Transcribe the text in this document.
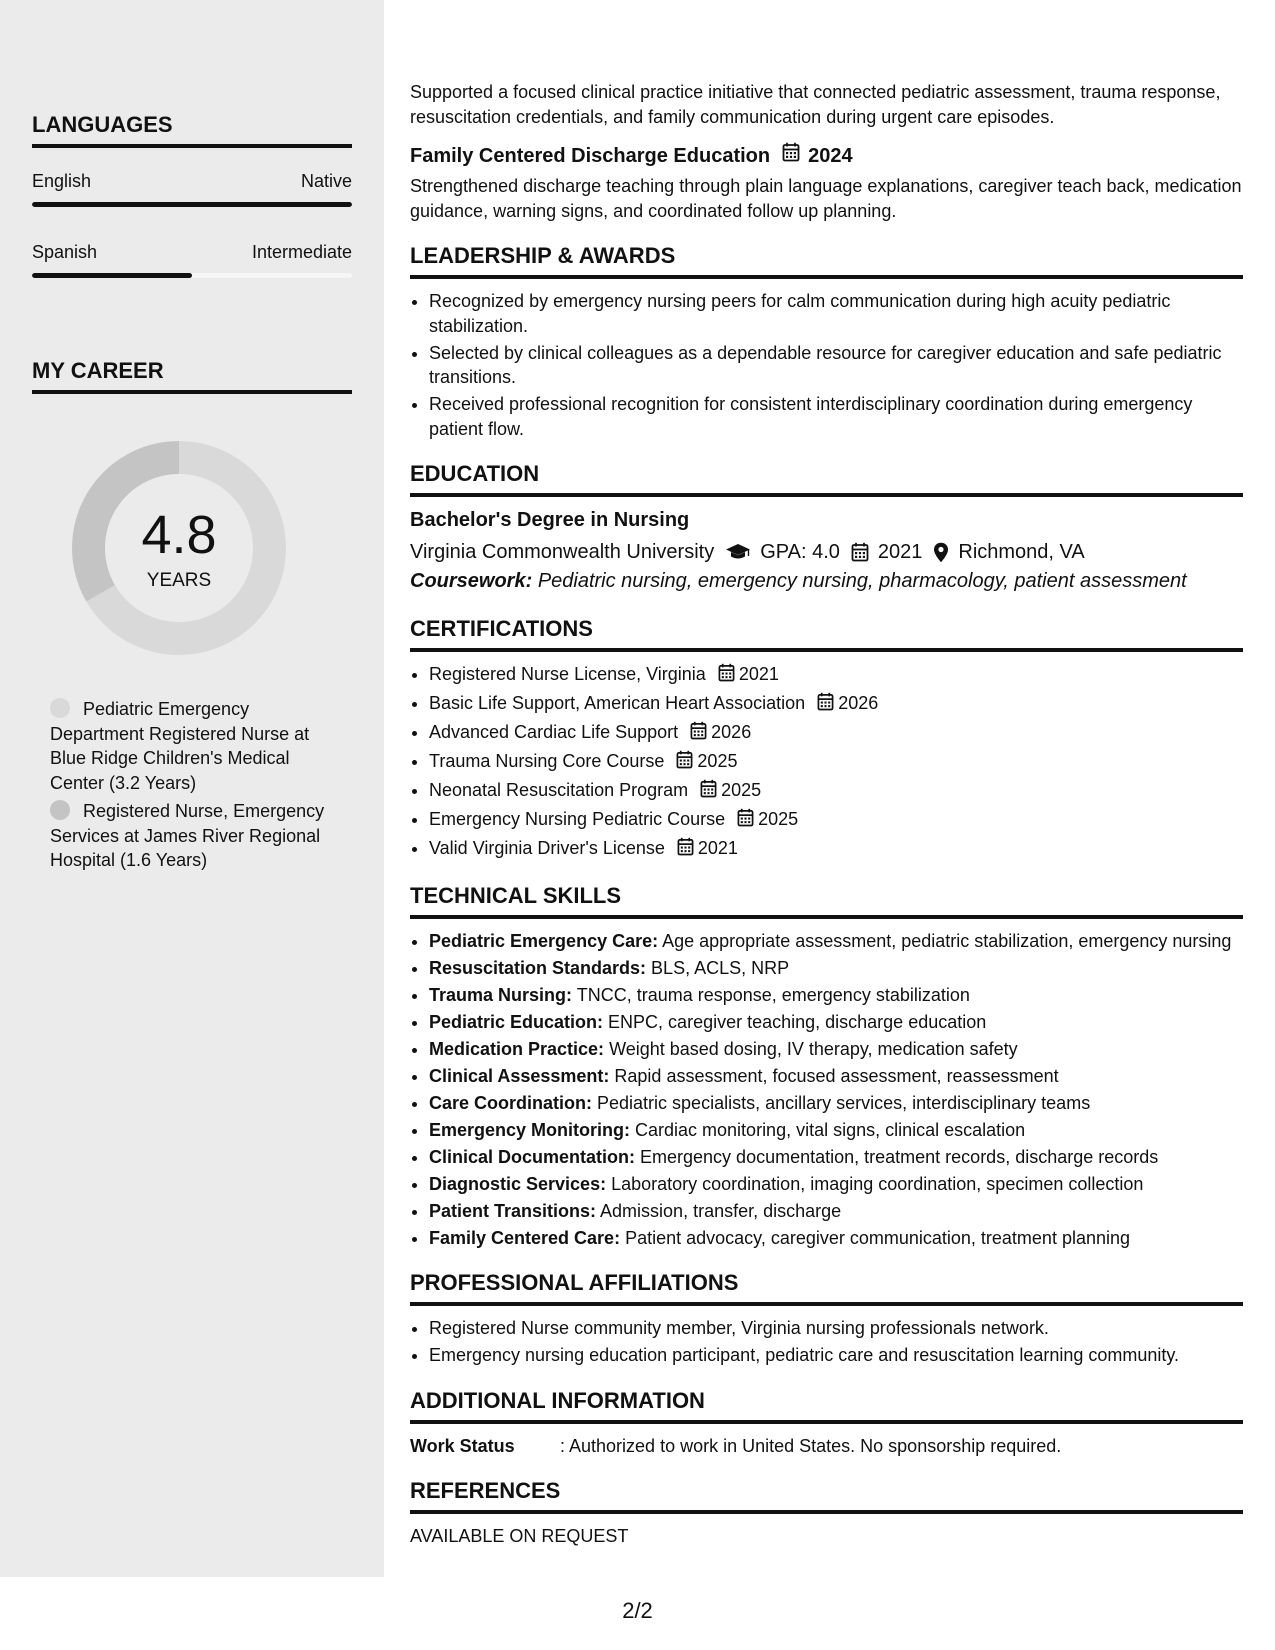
LANGUAGES
English	Native
Spanish	Intermediate
MY CAREER
4.8
YEARS
Pediatric Emergency Department Registered Nurse at Blue Ridge Children's Medical Center (3.2 Years)
Registered Nurse, Emergency Services at James River Regional Hospital (1.6 Years)

Supported a focused clinical practice initiative that connected pediatric assessment, trauma response, resuscitation credentials, and family communication during urgent care episodes.

Family Centered Discharge Education 2024

Strengthened discharge teaching through plain language explanations, caregiver teach back, medication guidance, warning signs, and coordinated follow up planning.

LEADERSHIP & AWARDS
• Recognized by emergency nursing peers for calm communication during high acuity pediatric stabilization.
• Selected by clinical colleagues as a dependable resource for caregiver education and safe pediatric transitions.
• Received professional recognition for consistent interdisciplinary coordination during emergency patient flow.
EDUCATION
Bachelor's Degree in Nursing
Virginia Commonwealth University GPA: 4.0 2021 Richmond, VA
Coursework: Pediatric nursing, emergency nursing, pharmacology, patient assessment
CERTIFICATIONS
• Registered Nurse License, Virginia 2021
• Basic Life Support, American Heart Association 2026
• Advanced Cardiac Life Support 2026
• Trauma Nursing Core Course 2025
• Neonatal Resuscitation Program 2025
• Emergency Nursing Pediatric Course 2025
• Valid Virginia Driver's License 2021
TECHNICAL SKILLS
• Pediatric Emergency Care: Age appropriate assessment, pediatric stabilization, emergency nursing
• Resuscitation Standards: BLS, ACLS, NRP
• Trauma Nursing: TNCC, trauma response, emergency stabilization
• Pediatric Education: ENPC, caregiver teaching, discharge education
• Medication Practice: Weight based dosing, IV therapy, medication safety
• Clinical Assessment: Rapid assessment, focused assessment, reassessment
• Care Coordination: Pediatric specialists, ancillary services, interdisciplinary teams
• Emergency Monitoring: Cardiac monitoring, vital signs, clinical escalation
• Clinical Documentation: Emergency documentation, treatment records, discharge records
• Diagnostic Services: Laboratory coordination, imaging coordination, specimen collection
• Patient Transitions: Admission, transfer, discharge
• Family Centered Care: Patient advocacy, caregiver communication, treatment planning
PROFESSIONAL AFFILIATIONS
• Registered Nurse community member, Virginia nursing professionals network.
• Emergency nursing education participant, pediatric care and resuscitation learning community.
ADDITIONAL INFORMATION
Work Status	: Authorized to work in United States. No sponsorship required.
REFERENCES
AVAILABLE ON REQUEST
2/2
